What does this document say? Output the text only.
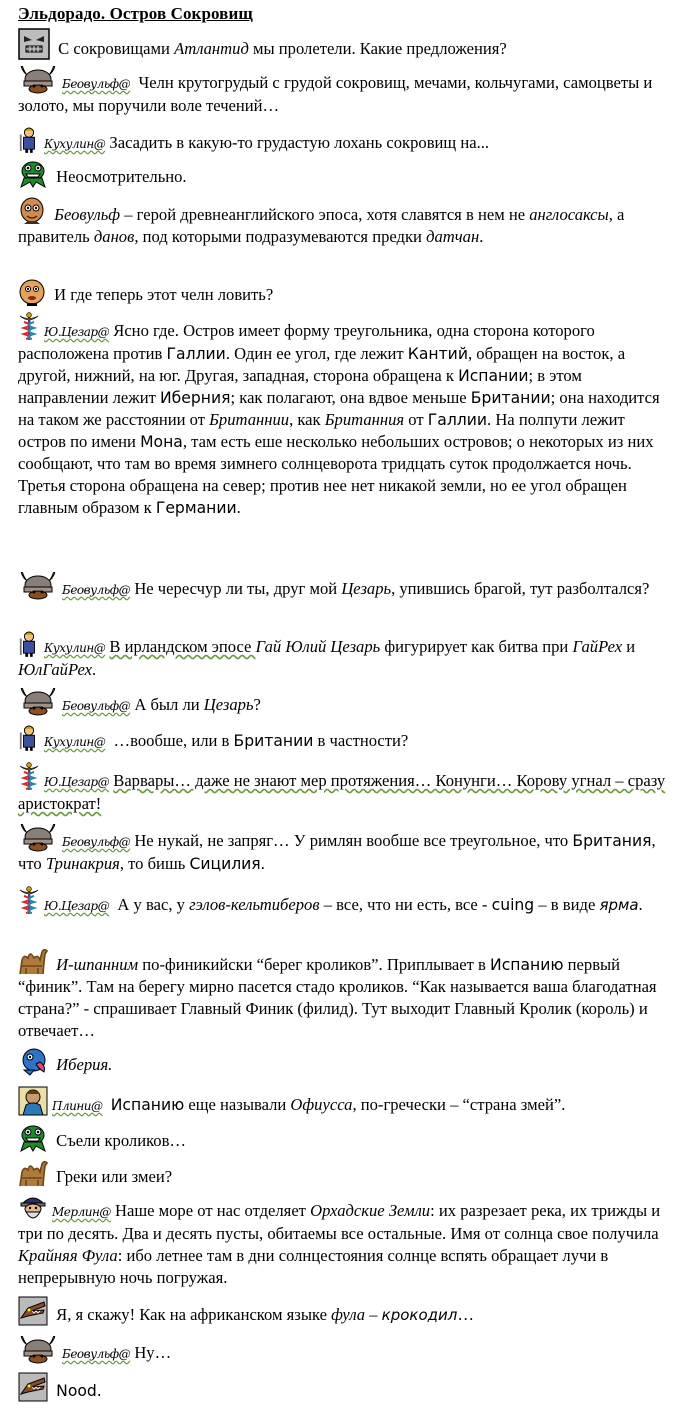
Эльдорадо. Остров Сокровищ
С сокровищами Атлантид мы пролетели. Какие предложения?
Беовульф@ Челн крутогрудый с грудой сокровищ, мечами, кольчугами, самоцветы и золото, мы поручили воле течений…
Кухулин@ Засадить в какую-то грудастую лохань сокровищ на...
Неосмотрительно.
Беовульф – герой древнеанглийского эпоса, хотя славятся в нем не англосаксы, а правитель данов, под которыми подразумеваются предки датчан.
И где теперь этот челн ловить?
Ю.Цезар@ Ясно где. Остров имеет форму треугольника, одна сторона которого расположена против Галлии. Один ее угол, где лежит Кантий, обращен на восток, а другой, нижний, на юг. Другая, западная, сторона обращена к Испании; в этом направлении лежит Иберния; как полагают, она вдвое меньше Британии; она находится на таком же расстоянии от Британнии, как Британния от Галлии. На полпути лежит остров по имени Мона, там есть еше несколько небольших островов; о некоторых из них сообщают, что там во время зимнего солнцеворота тридцать суток продолжается ночь. Третья сторона обращена на север; против нее нет никакой земли, но ее угол обращен главным образом к Германии.
Беовульф@ Не чересчур ли ты, друг мой Цезарь, упившись брагой, тут разболтался?
Кухулин@ В ирландском эпосе Гай Юлий Цезарь фигурирует как битва при ГайРех и ЮлГайРех.
Беовульф@ А был ли Цезарь?
Кухулин@ …вообше, или в Британии в частности?
Ю.Цезар@ Варвары… даже не знают мер протяжения… Конунги… Корову угнал – сразу аристократ!
Беовульф@ Не нукай, не запряг… У римлян вообше все треугольное, что Британия, что Тринакрия, то бишь Сицилия.
Ю.Цезар@ А у вас, у гэлов-кельтиберов – все, что ни есть, все - cuing – в виде ярма.
И-шпанним по-финикийски “берег кроликов”. Приплывает в Испанию первый “финик”. Там на берегу мирно пасется стадо кроликов. “Как называется ваша благодатная страна?” - спрашивает Главный Финик (филид). Тут выходит Главный Кролик (король) и отвечает…
Иберия.
Плини@ Испанию еще называли Офиусса, по-гречески – “страна змей”.
Съели кроликов…
Греки или змеи?
Мерлин@ Наше море от нас отделяет Орхадские Земли: их разрезает река, их трижды и три по десять. Два и десять пусты, обитаемы все остальные. Имя от солнца свое получила Крайняя Фула: ибо летнее там в дни солнцестояния солнце вспять обращает лучи в непрерывную ночь погружая.
Я, я скажу! Как на африканском языке фула – крокодил…
Беовульф@ Ну…
Nood.
